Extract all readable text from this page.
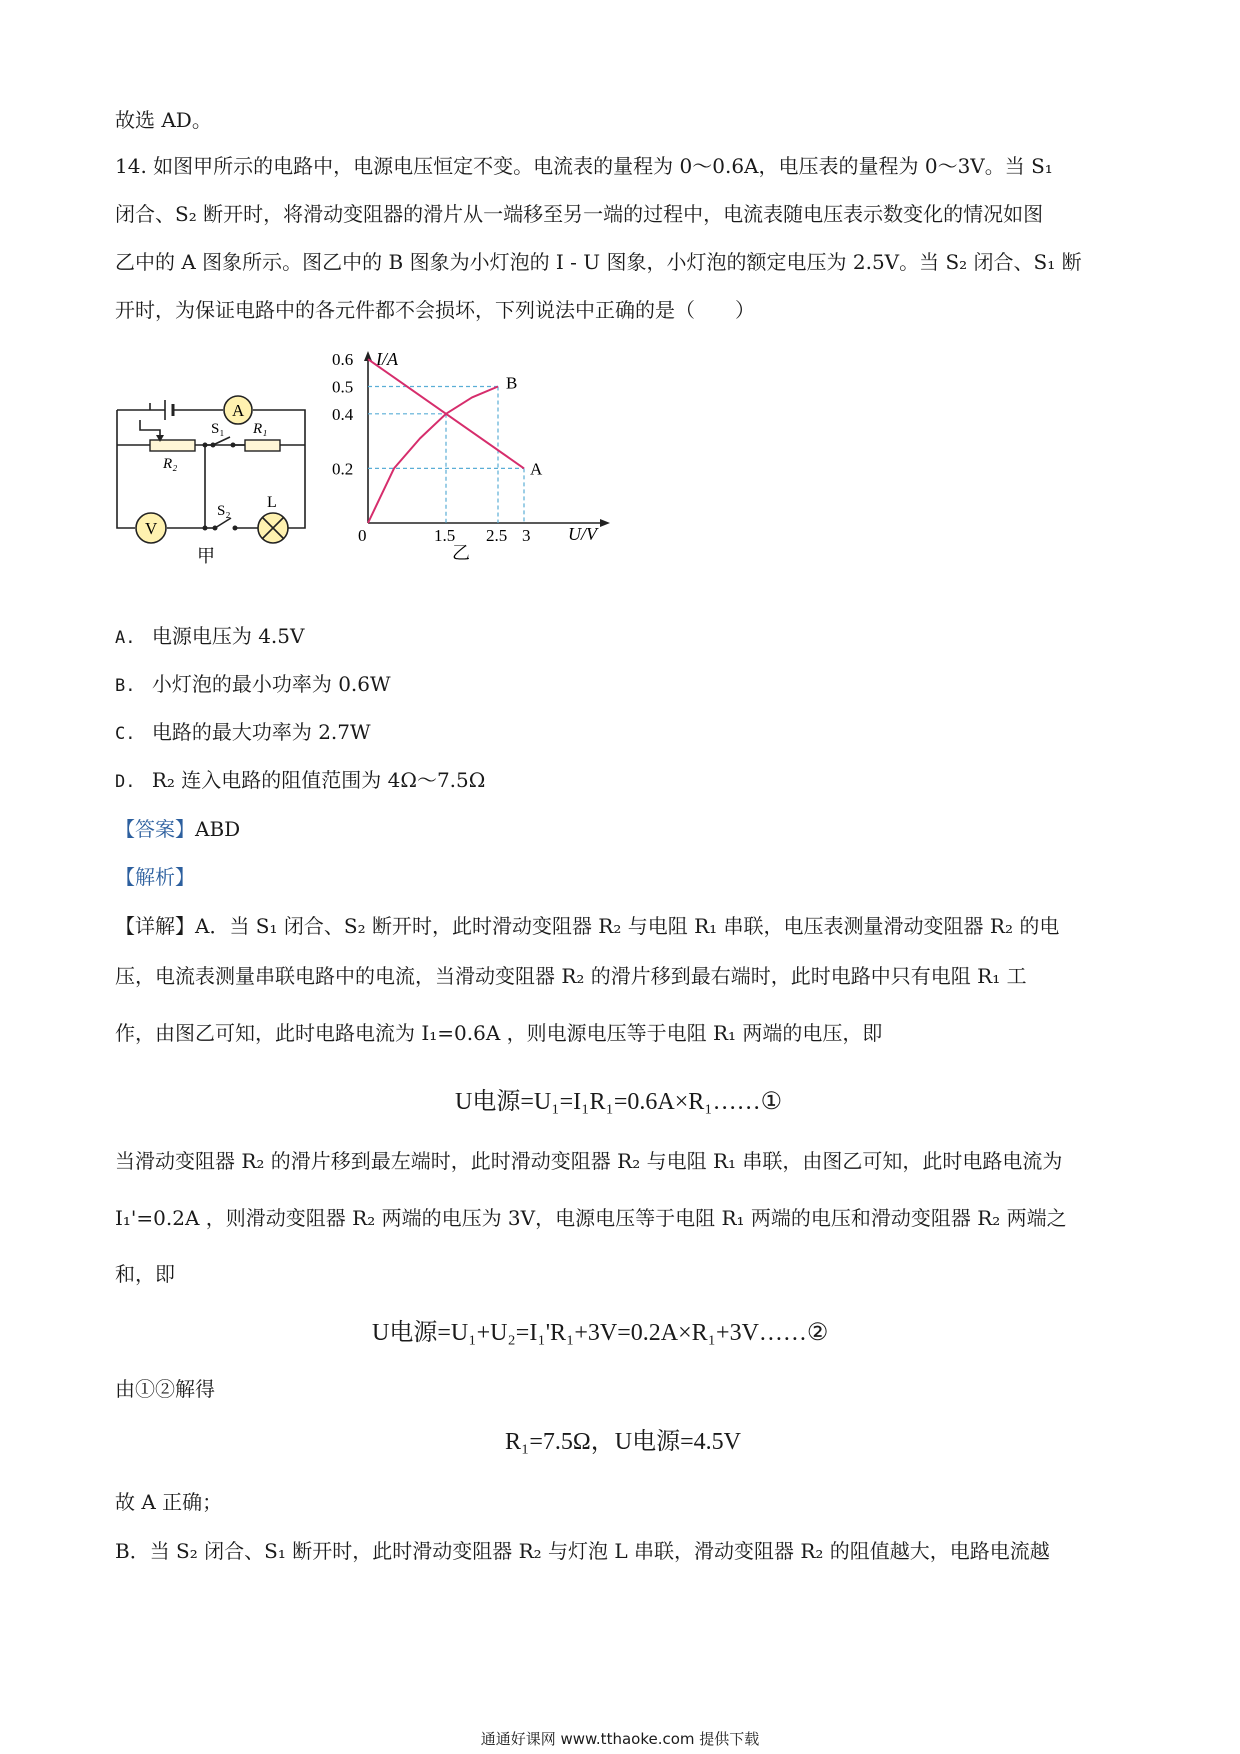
故选 AD。
14. 如图甲所示的电路中，电源电压恒定不变。电流表的量程为 0～0.6A，电压表的量程为 0～3V。当 S₁
闭合、S₂ 断开时，将滑动变阻器的滑片从一端移至另一端的过程中，电流表随电压表示数变化的情况如图
乙中的 A 图象所示。图乙中的 B 图象为小灯泡的 I - U 图象，小灯泡的额定电压为 2.5V。当 S₂ 闭合、S₁ 断
开时，为保证电路中的各元件都不会损坏，下列说法中正确的是（　　）
A
V
S₁ R₁
R₂
S₂ L
甲
I/A
U/V
0
乙
0.6
0.5
0.4
0.2
1.5 2.5 3
A
B
A. 电源电压为 4.5V
B. 小灯泡的最小功率为 0.6W
C. 电路的最大功率为 2.7W
D. R₂ 连入电路的阻值范围为 4Ω～7.5Ω
【答案】ABD
【解析】
【详解】A．当 S₁ 闭合、S₂ 断开时，此时滑动变阻器 R₂ 与电阻 R₁ 串联，电压表测量滑动变阻器 R₂ 的电
压，电流表测量串联电路中的电流，当滑动变阻器 R₂ 的滑片移到最右端时，此时电路中只有电阻 R₁ 工
作，由图乙可知，此时电路电流为 I₁=0.6A ，则电源电压等于电阻 R₁ 两端的电压，即
U电源=U₁=I₁R₁=0.6A×R₁……①
当滑动变阻器 R₂ 的滑片移到最左端时，此时滑动变阻器 R₂ 与电阻 R₁ 串联，由图乙可知，此时电路电流为
I₁'=0.2A ，则滑动变阻器 R₂ 两端的电压为 3V，电源电压等于电阻 R₁ 两端的电压和滑动变阻器 R₂ 两端之
和，即
U电源=U₁+U₂=I₁'R₁+3V=0.2A×R₁+3V……②
由①②解得
R₁=7.5Ω，U电源=4.5V
故 A 正确；
B．当 S₂ 闭合、S₁ 断开时，此时滑动变阻器 R₂ 与灯泡 L 串联，滑动变阻器 R₂ 的阻值越大，电路电流越
通通好课网 www.tthaoke.com 提供下载
